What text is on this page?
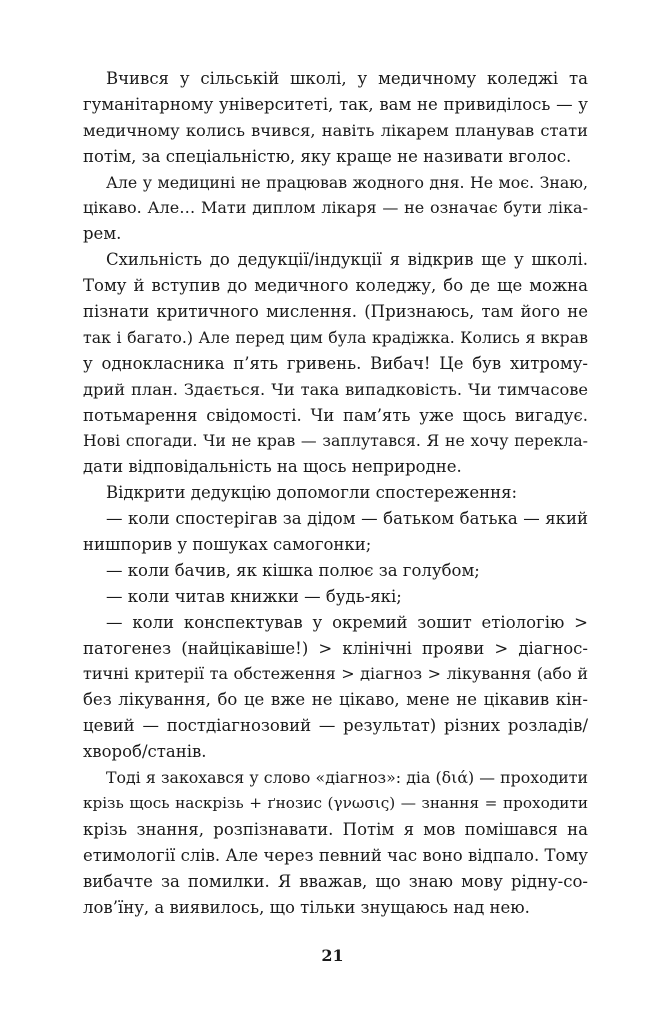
Вчився у сільській школі, у медичному коледжі та
гуманітарному університеті, так, вам не привиділось — у
медичному колись вчився, навіть лікарем планував стати
потім, за спеціальністю, яку краще не називати вголос.
Але у медицині не працював жодного дня. Не моє. Знаю,
цікаво. Але… Мати диплом лікаря — не означає бути ліка-
рем.
Схильність до дедукції/індукції я відкрив ще у школі.
Тому й вступив до медичного коледжу, бо де ще можна
пізнати критичного мислення. (Признаюсь, там його не
так і багато.) Але перед цим була крадіжка. Колись я вкрав
у однокласника п’ять гривень. Вибач! Це був хитрому-
дрий план. Здається. Чи така випадковість. Чи тимчасове
потьмарення свідомості. Чи пам’ять уже щось вигадує.
Нові спогади. Чи не крав — заплутався. Я не хочу перекла-
дати відповідальність на щось неприродне.
Відкрити дедукцію допомогли спостереження:
— коли спостерігав за дідом — батьком батька — який
нишпорив у пошуках самогонки;
— коли бачив, як кішка полює за голубом;
— коли читав книжки — будь-які;
— коли конспектував у окремий зошит етіологію >
патогенез (найцікавіше!) > клінічні прояви > діагнос-
тичні критерії та обстеження > діагноз > лікування (або й
без лікування, бо це вже не цікаво, мене не цікавив кін-
цевий — постдіагнозовий — результат) різних розладів/
хвороб/станів.
Тоді я закохався у слово «діагноз»: діа (διά) — проходити
крізь щось наскрізь + ґнозис (γνωσις) — знання = проходити
крізь знання, розпізнавати. Потім я мов помішався на
етимології слів. Але через певний час воно відпало. Тому
вибачте за помилки. Я вважав, що знаю мову рідну-со-
лов’їну, а виявилось, що тільки знущаюсь над нею.
21
